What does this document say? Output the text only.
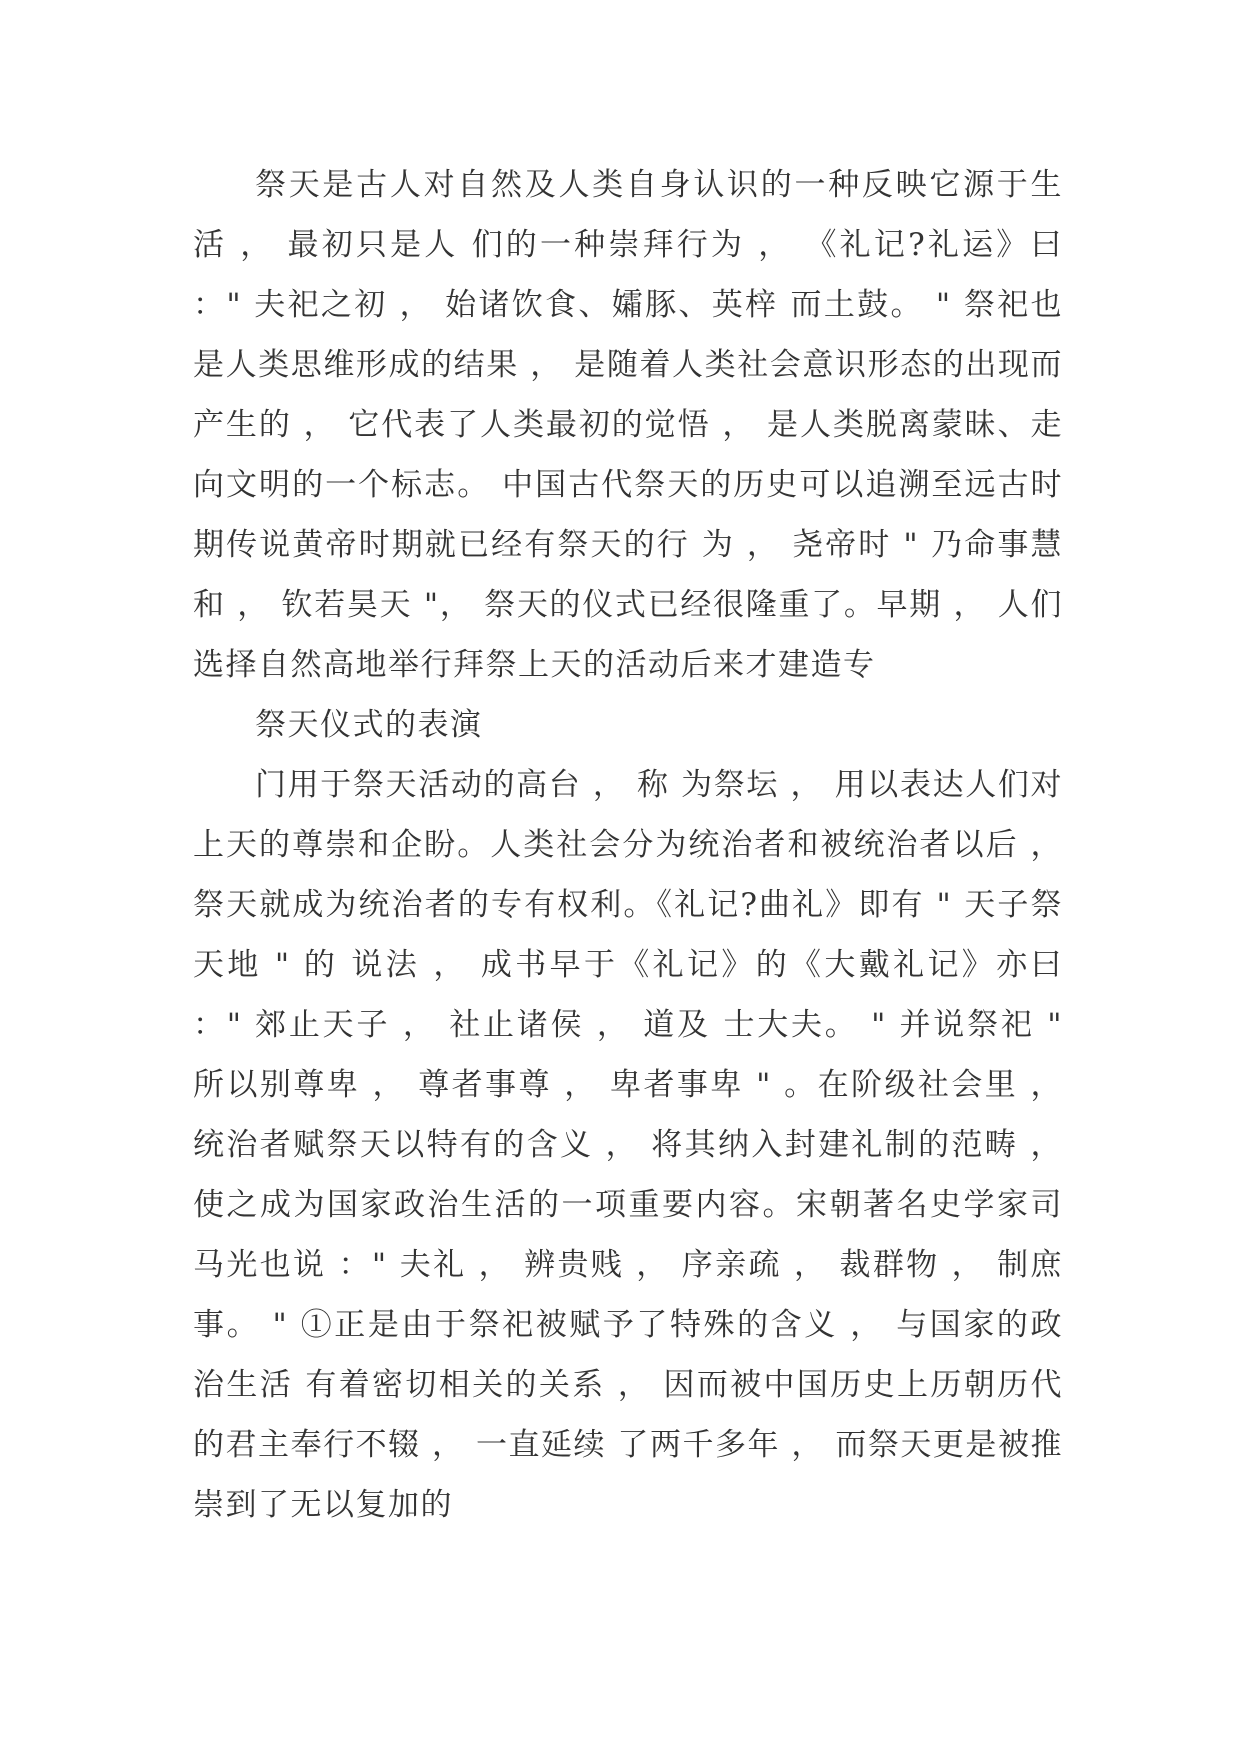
祭天是古人对自然及人类自身认识的一种反映它源于生活 ， 最初只是人 们的一种崇拜行为 ， 《礼记?礼运》曰 ：" 夫祀之初 ， 始诸饮食、孀豚、英梓 而土鼓。 " 祭祀也是人类思维形成的结果 ， 是随着人类社会意识形态的出现而 产生的 ， 它代表了人类最初的觉悟 ， 是人类脱离蒙昧、走向文明的一个标志。 中国古代祭天的历史可以追溯至远古时期传说黄帝时期就已经有祭天的行 为 ， 尧帝时 " 乃命事慧和 ， 钦若昊天 "， 祭天的仪式已经很隆重了。早期 ， 人们 选择自然高地举行拜祭上天的活动后来才建造专

祭天仪式的表演

门用于祭天活动的高台 ， 称 为祭坛 ， 用以表达人们对上天的尊崇和企盼。人类社会分为统治者和被统治者以后 ， 祭天就成为统治者的专有权利。《礼记?曲礼》即有 " 天子祭天地 " 的 说法 ， 成书早于《礼记》的《大戴礼记》亦曰 ：" 郊止天子 ， 社止诸侯 ， 道及 士大夫。 " 并说祭祀 " 所以别尊卑 ， 尊者事尊 ， 卑者事卑 " 。在阶级社会里 ， 统治者赋祭天以特有的含义 ， 将其纳入封建礼制的范畴 ， 使之成为国家政治生活的一项重要内容。宋朝著名史学家司马光也说 ：" 夫礼 ， 辨贵贱 ， 序亲疏 ， 裁群物 ， 制庶事。 " ①正是由于祭祀被赋予了特殊的含义 ， 与国家的政治生活 有着密切相关的关系 ， 因而被中国历史上历朝历代的君主奉行不辍 ， 一直延续 了两千多年 ， 而祭天更是被推崇到了无以复加的
